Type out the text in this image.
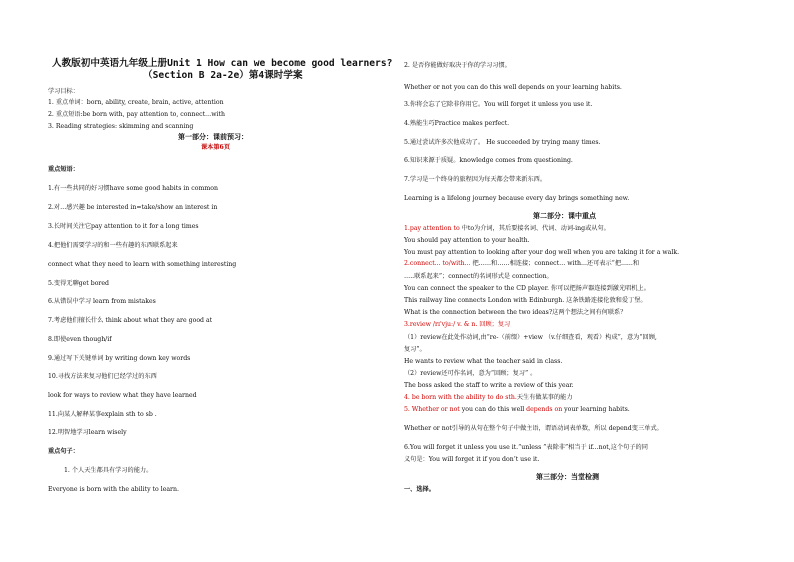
人教版初中英语九年级上册Unit 1 How can we become good learners?
（Section B 2a-2e）第4课时学案
学习目标：
1. 重点单词：born, ability, create, brain, active, attention
2. 重点短语:be born with, pay attention to, connect…with
3. Reading strategies: skimming and scanning
第一部分：课前预习：
课本第6页
重点短语：
1.有一些共同的好习惯have some good habits in common
2.对…感兴趣 be interested in=take/show an interest in
3.长时间关注它pay attention to it for a long times
4.把他们需要学习的和一些有趣的东西联系起来
connect what they need to learn with something interesting
5.变得无聊get bored
6.从错误中学习 learn from mistakes
7.考虑他们擅长什么 think about what they are good at
8.即使even though/if
9.通过写下关键单词 by writing down key words
10.寻找方法来复习他们已经学过的东西
look for ways to review what they have learned
11.向某人解释某事explain sth to sb .
12.明智地学习learn wisely
重点句子：
1. 个人天生都具有学习的能力。
Everyone is born with the ability to learn.
2. 是否你能做好取决于你的学习习惯。
Whether or not you can do this well depends on your learning habits.
3.你将会忘了它除非你用它。You will forget it unless you use it.
4.熟能生巧Practice makes perfect.
5.通过尝试许多次他成功了。 He succeeded by trying many times.
6.知识来源于质疑。knowledge comes from questioning.
7.学习是一个终身的旅程因为每天都会带来新东西。
Learning is a lifelong journey because every day brings something new.
第二部分：课中重点
1.pay attention to 中to为介词，其后要接名词、代词、动词-ing或从句。
You should pay attention to your health.
You must pay attention to looking after your dog well when you are taking it for a walk.
2.connect... to/with... 把……和……相连接；connect… with...还可表示“把......和
…..联系起来”；connect的名词形式是 connection。
You can connect the speaker to the CD player. 你可以把扬声器连接到激光唱机上。
This railway line connects London with Edinburgh. 这条铁路连接伦敦和爱丁堡。
What is the connection between the two ideas?这两个想法之间有何联系？
3.review /rɪ'vjuː/ v. & n. 回顾；复习
（1）review在此处作动词,由“re-（前缀）+view （v.仔细查看，观看）构成”，意为“回顾,
复习”。
He wants to review what the teacher said in class.
（2）review还可作名词，意为“回顾；复习” 。
The boss asked the staff to write a review of this year.
4. be born with the ability to do sth.天生有做某事的能力
5. Whether or not you can do this well depends on your learning habits.
Whether or not引导的从句在整个句子中做主语，谓语动词表单数，所以 depend变三单式。
6.You will forget it unless you use it.“unless ”表除非”相当于 if...not,这个句子的同
义句是：You will forget it if you don’t use it.
第三部分：当堂检测
一、选择。
